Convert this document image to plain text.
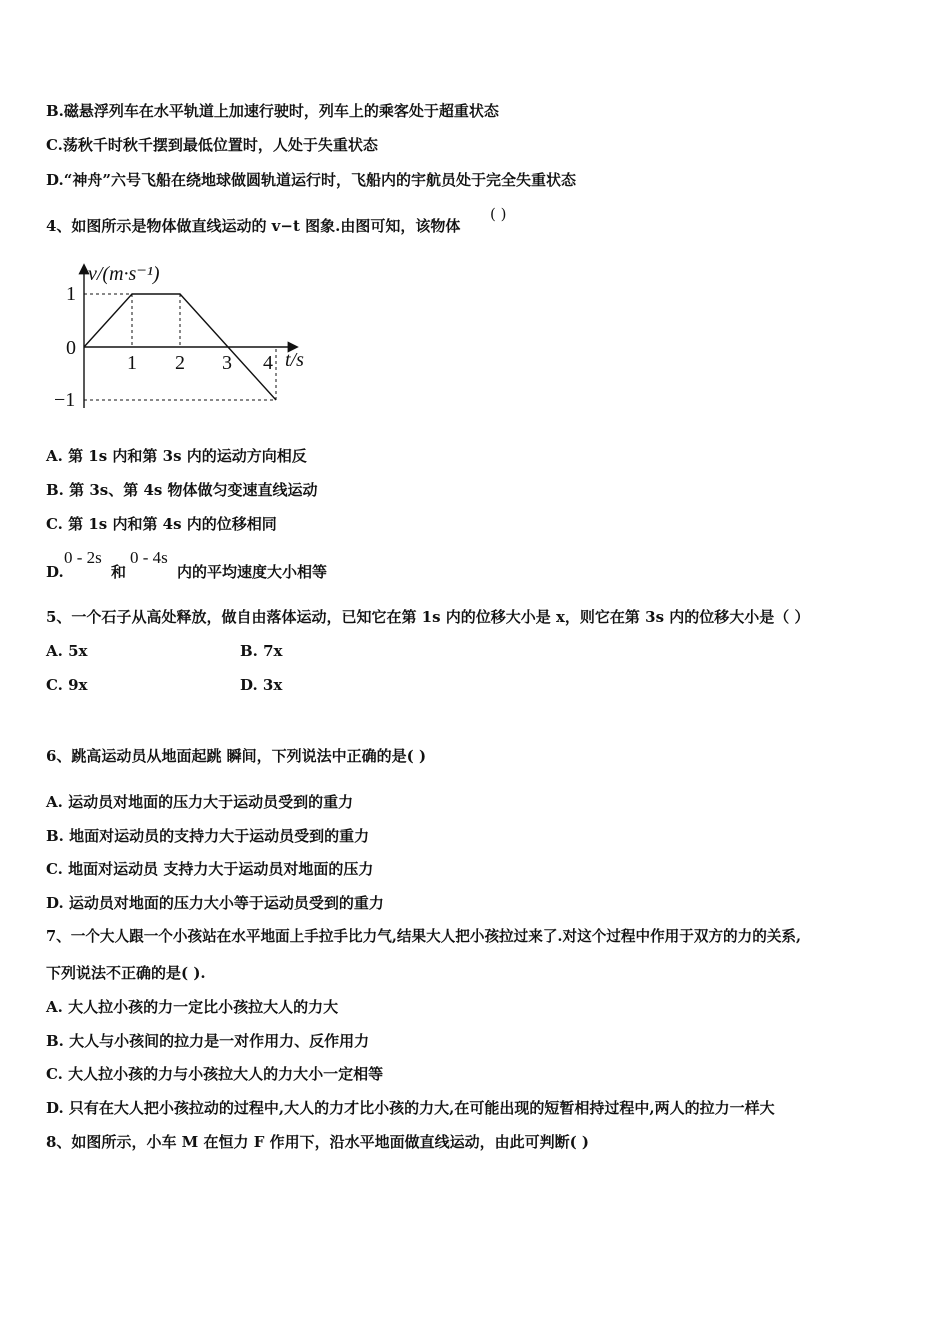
B.磁悬浮列车在水平轨道上加速行驶时，列车上的乘客处于超重状态
C.荡秋千时秋千摆到最低位置时，人处于失重状态
D.“神舟”六号飞船在绕地球做圆轨道运行时，飞船内的宇航员处于完全失重状态
4、如图所示是物体做直线运动的 v−t 图象.由图可知，该物体
( )
v/(m·s⁻¹)
t/s
1
0
−1
1 2 3 4
A. 第 1s 内和第 3s 内的运动方向相反
B. 第 3s、第 4s 物体做匀变速直线运动
C. 第 1s 内和第 4s 内的位移相同
D.
0 - 2s
和
0 - 4s
内的平均速度大小相等
5、一个石子从高处释放，做自由落体运动，已知它在第 1s 内的位移大小是 x，则它在第 3s 内的位移大小是（ ）
A. 5x	B. 7x
C. 9x	D. 3x
6、跳高运动员从地面起跳 瞬间，下列说法中正确的是( )
A. 运动员对地面的压力大于运动员受到的重力
B. 地面对运动员的支持力大于运动员受到的重力
C. 地面对运动员 支持力大于运动员对地面的压力
D. 运动员对地面的压力大小等于运动员受到的重力
7、一个大人跟一个小孩站在水平地面上手拉手比力气,结果大人把小孩拉过来了.对这个过程中作用于双方的力的关系,
下列说法不正确的是( ).
A. 大人拉小孩的力一定比小孩拉大人的力大
B. 大人与小孩间的拉力是一对作用力、反作用力
C. 大人拉小孩的力与小孩拉大人的力大小一定相等
D. 只有在大人把小孩拉动的过程中,大人的力才比小孩的力大,在可能出现的短暂相持过程中,两人的拉力一样大
8、如图所示，小车 M 在恒力 F 作用下，沿水平地面做直线运动，由此可判断( )
